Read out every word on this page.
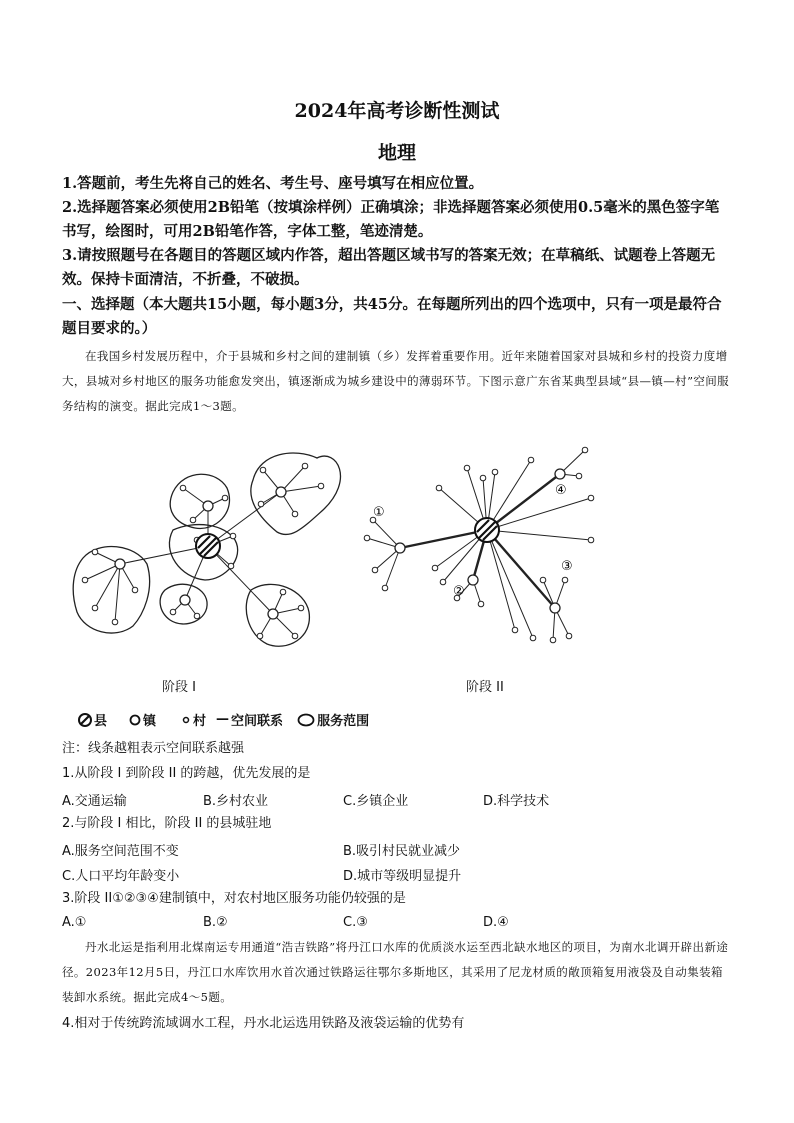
2024年高考诊断性测试
地理
1.答题前，考生先将自己的姓名、考生号、座号填写在相应位置。
2.选择题答案必须使用2B铅笔（按填涂样例）正确填涂；非选择题答案必须使用0.5毫米的黑色签字笔书写，绘图时，可用2B铅笔作答，字体工整，笔迹清楚。
3.请按照题号在各题目的答题区域内作答，超出答题区域书写的答案无效；在草稿纸、试题卷上答题无效。保持卡面清洁，不折叠，不破损。
一、选择题（本大题共15小题，每小题3分，共45分。在每题所列出的四个选项中，只有一项是最符合题目要求的。）
在我国乡村发展历程中，介于县城和乡村之间的建制镇（乡）发挥着重要作用。近年来随着国家对县城和乡村的投资力度增大，县城对乡村地区的服务功能愈发突出，镇逐渐成为城乡建设中的薄弱环节。下图示意广东省某典型县域“县—镇—村”空间服务结构的演变。据此完成1～3题。
①
②
③
④
阶段 I	阶段 II
县	镇	村 — 空间联系	服务范围
注：线条越粗表示空间联系越强
1.从阶段 I 到阶段 II 的跨越，优先发展的是
A.交通运输	B.乡村农业	C.乡镇企业	D.科学技术
2.与阶段 I 相比，阶段 II 的县城驻地
A.服务空间范围不变	B.吸引村民就业减少
C.人口平均年龄变小	D.城市等级明显提升
3.阶段 II①②③④建制镇中，对农村地区服务功能仍较强的是
A.①	B.②	C.③	D.④
丹水北运是指利用北煤南运专用通道“浩吉铁路”将丹江口水库的优质淡水运至西北缺水地区的项目，为南水北调开辟出新途径。2023年12月5日，丹江口水库饮用水首次通过铁路运往鄂尔多斯地区，其采用了尼龙材质的敞顶箱复用液袋及自动集装箱装卸水系统。据此完成4～5题。
4.相对于传统跨流域调水工程，丹水北运选用铁路及液袋运输的优势有
